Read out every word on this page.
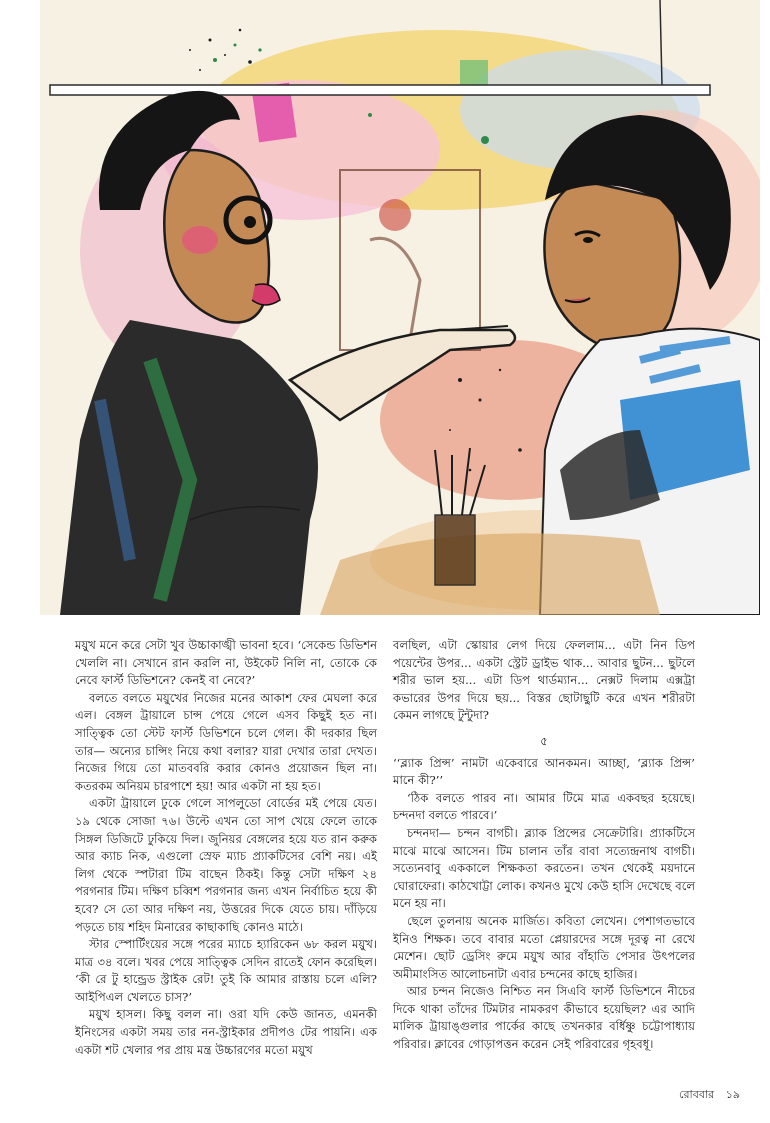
ময়ুখ মনে করে সেটা খুব উচ্চাকাঙ্খী ভাবনা হবে। ‘সেকেন্ড ডিভিশন খেললি না। সেখানে রান করলি না, উইকেট নিলি না, তোকে কে নেবে ফার্স্ট ডিভিশনে? কেনই বা নেবে?’

বলতে বলতে ময়ুখের নিজের মনের আকাশ ফের মেঘলা করে এল। বেঙ্গল ট্রায়ালে চান্স পেয়ে গেলে এসব কিছুই হত না। সাত্ত্বিক তো স্টেট ফার্স্ট ডিভিশনে চলে গেল। কী দরকার ছিল তার— অন্যের চান্সিং নিয়ে কথা বলার? যারা দেখার তারা দেখত। নিজের গিয়ে তো মাতববরি করার কোনও প্রয়োজন ছিল না। কতরকম অনিয়ম চারপাশে হয়! আর একটা না হয় হত।

একটা ট্রায়ালে ঢুকে গেলে সাপলুডো বোর্ডের মই পেয়ে যেত। ১৯ থেকে সোজা ৭৬। উল্টে এখন তো সাপ খেয়ে ফেলে তাকে সিঙ্গল ডিজিটে ঢুকিয়ে দিল। জুনিয়র বেঙ্গলের হয়ে যত রান করুক আর ক্যাচ নিক, এগুলো স্রেফ ম্যাচ প্র্যাকটিসের বেশি নয়। এই লিগ থেকে স্পটারা টিম বাছেন ঠিকই। কিন্তু সেটা দক্ষিণ ২৪ পরগনার টিম। দক্ষিণ চব্বিশ পরগনার জন্য এখন নির্বাচিত হয়ে কী হবে? সে তো আর দক্ষিণ নয়, উত্তরের দিকে যেতে চায়। দাঁড়িয়ে পড়তে চায় শহিদ মিনারের কাছাকাছি কোনও মাঠে।

স্টার স্পোর্টিংয়ের সঙ্গে পরের ম্যাচে হ্যারিকেন ৬৮ করল ময়ুখ। মাত্র ৩৪ বলে। খবর পেয়ে সাত্ত্বিক সেদিন রাতেই ফোন করেছিল। ‘কী রে টু হান্ড্রেড স্ট্রাইক রেট! তুই কি আমার রাস্তায় চলে এলি? আইপিএল খেলতে চাস?’

ময়ুখ হাসল। কিছু বলল না। ওরা যদি কেউ জানত, এমনকী ইনিংসের একটা সময় তার নন-স্ট্রাইকার প্রদীপও টের পায়নি। এক একটা শট খেলার পর প্রায় মন্ত্র উচ্চারণের মতো ময়ুখ

বলছিল, এটা স্কোয়ার লেগ দিয়ে ফেললাম... এটা নিন ডিপ পয়েন্টের উপর... একটা স্ট্রেট ড্রাইভ থাক... আবার ছুটন... ছুটলে শরীর ভাল হয়... এটা ডিপ থার্ডম্যান... নেক্সট দিলাম এক্সট্রা কভারের উপর দিয়ে ছয়... বিস্তর ছোটাছুটি করে এখন শরীরটা কেমন লাগছে টুন্টুদা?

৫

‘‘ব্ল্যাক প্রিন্স’ নামটা একেবারে আনকমন। আচ্ছা, ‘ব্ল্যাক প্রিন্স’ মানে কী?’’

‘ঠিক বলতে পারব না। আমার টিমে মাত্র একবছর হয়েছে। চন্দনদা বলতে পারবে।’

চন্দনদা— চন্দন বাগচী। ব্ল্যাক প্রিন্সের সেক্রেটারি। প্র্যাকটিসে মাঝে মাঝে আসেন। টিম চালান তাঁর বাবা সত্যেন্দ্রনাথ বাগচী। সত্যেনবাবু এককালে শিক্ষকতা করতেন। তখন থেকেই ময়দানে ঘোরাফেরা। কাঠখোট্টা লোক। কখনও মুখে কেউ হাসি দেখেছে বলে মনে হয় না।

ছেলে তুলনায় অনেক মার্জিত। কবিতা লেখেন। পেশাগতভাবে ইনিও শিক্ষক। তবে বাবার মতো প্লেয়ারদের সঙ্গে দূরত্ব না রেখে মেশেন। ছোট ড্রেসিং রুমে ময়ুখ আর বাঁহাতি পেসার উৎপলের অমীমাংসিত আলোচনাটা এবার চন্দনের কাছে হাজির।

আর চন্দন নিজেও নিশ্চিত নন সিএবি ফার্স্ট ডিভিশনে নীচের দিকে থাকা তাঁদের টিমটার নামকরণ কীভাবে হয়েছিল? এর আদি মালিক ট্রায়াঙ্গুলার পার্কের কাছে তখনকার বর্ধিষ্ণু চট্টোপাধ্যায় পরিবার। ক্লাবের গোড়াপত্তন করেন সেই পরিবারের গৃহবধূ।

রোববার ১৯
